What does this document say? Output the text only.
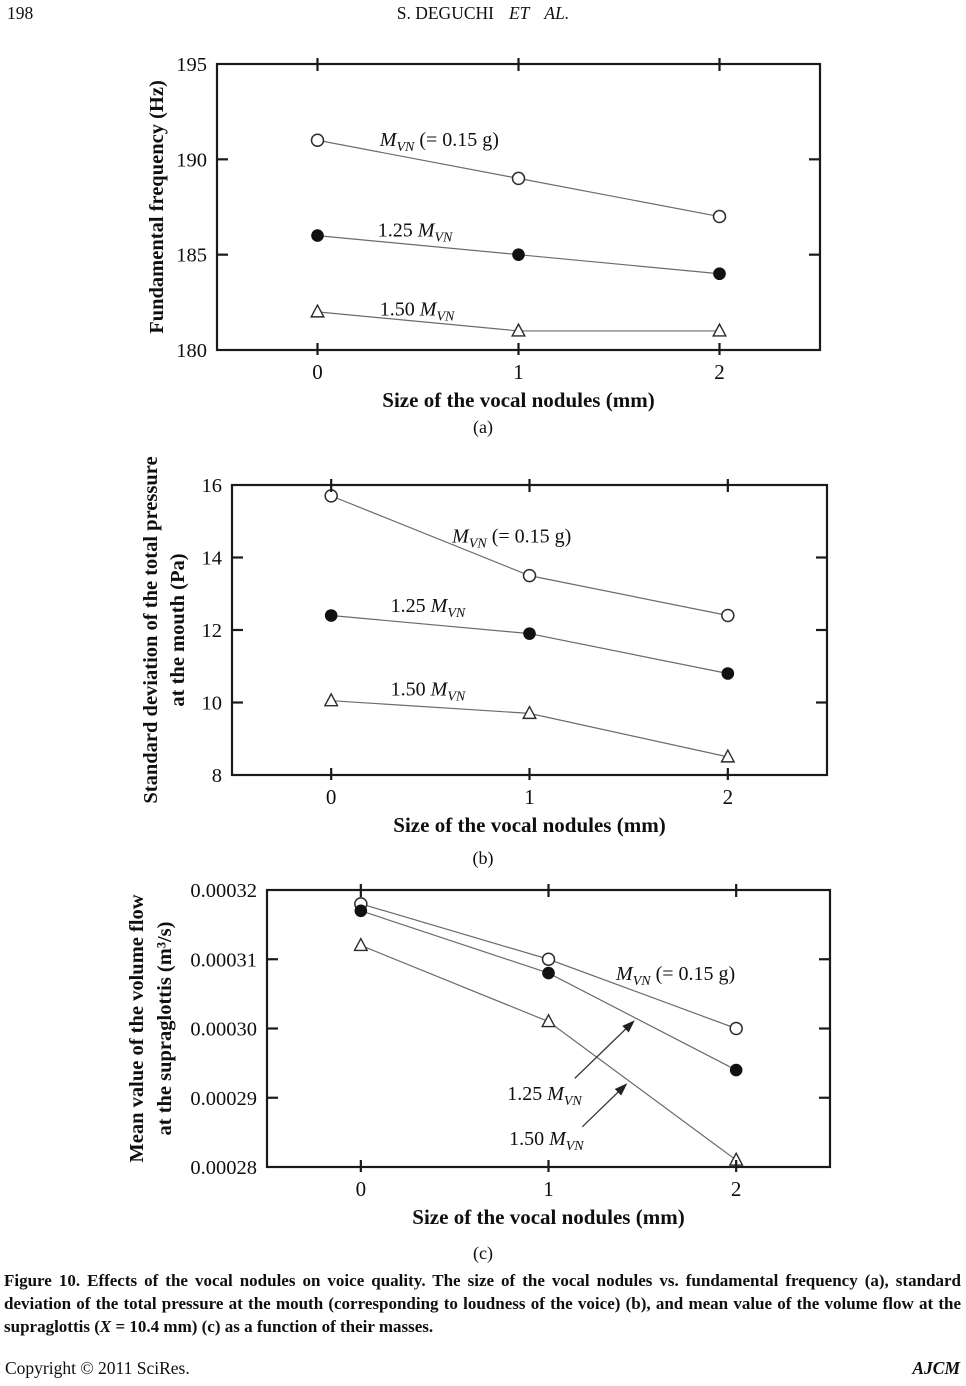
198	S. DEGUCHI ET AL.
$M_{VN}$ (= 0.15 g)
1.25 $M_{VN}$
1.50 $M_{VN}$
180
185
190
195
0	1	2
Size of the vocal nodules (mm)
Fundamental frequency (Hz)
(a)
$M_{VN}$ (= 0.15 g)
1.25 $M_{VN}$
1.50 $M_{VN}$
8
10
12
14
16
0	1	2
Size of the vocal nodules (mm)
Standard deviation of the total pressure at the mouth (Pa)
(b)
$M_{VN}$ (= 0.15 g)
1.25 $M_{VN}$
1.50 $M_{VN}$
0.00028
0.00029
0.00030
0.00031
0.00032
0	1	2
Size of the vocal nodules (mm)
Mean value of the volume flow at the supraglottis (m³/s)
(c)

Figure 10. Effects of the vocal nodules on voice quality. The size of the vocal nodules vs. fundamental frequency (a), standard deviation of the total pressure at the mouth (corresponding to loudness of the voice) (b), and mean value of the volume flow at the supraglottis (X = 10.4 mm) (c) as a function of their masses.

Copyright © 2011 SciRes.	AJCM
